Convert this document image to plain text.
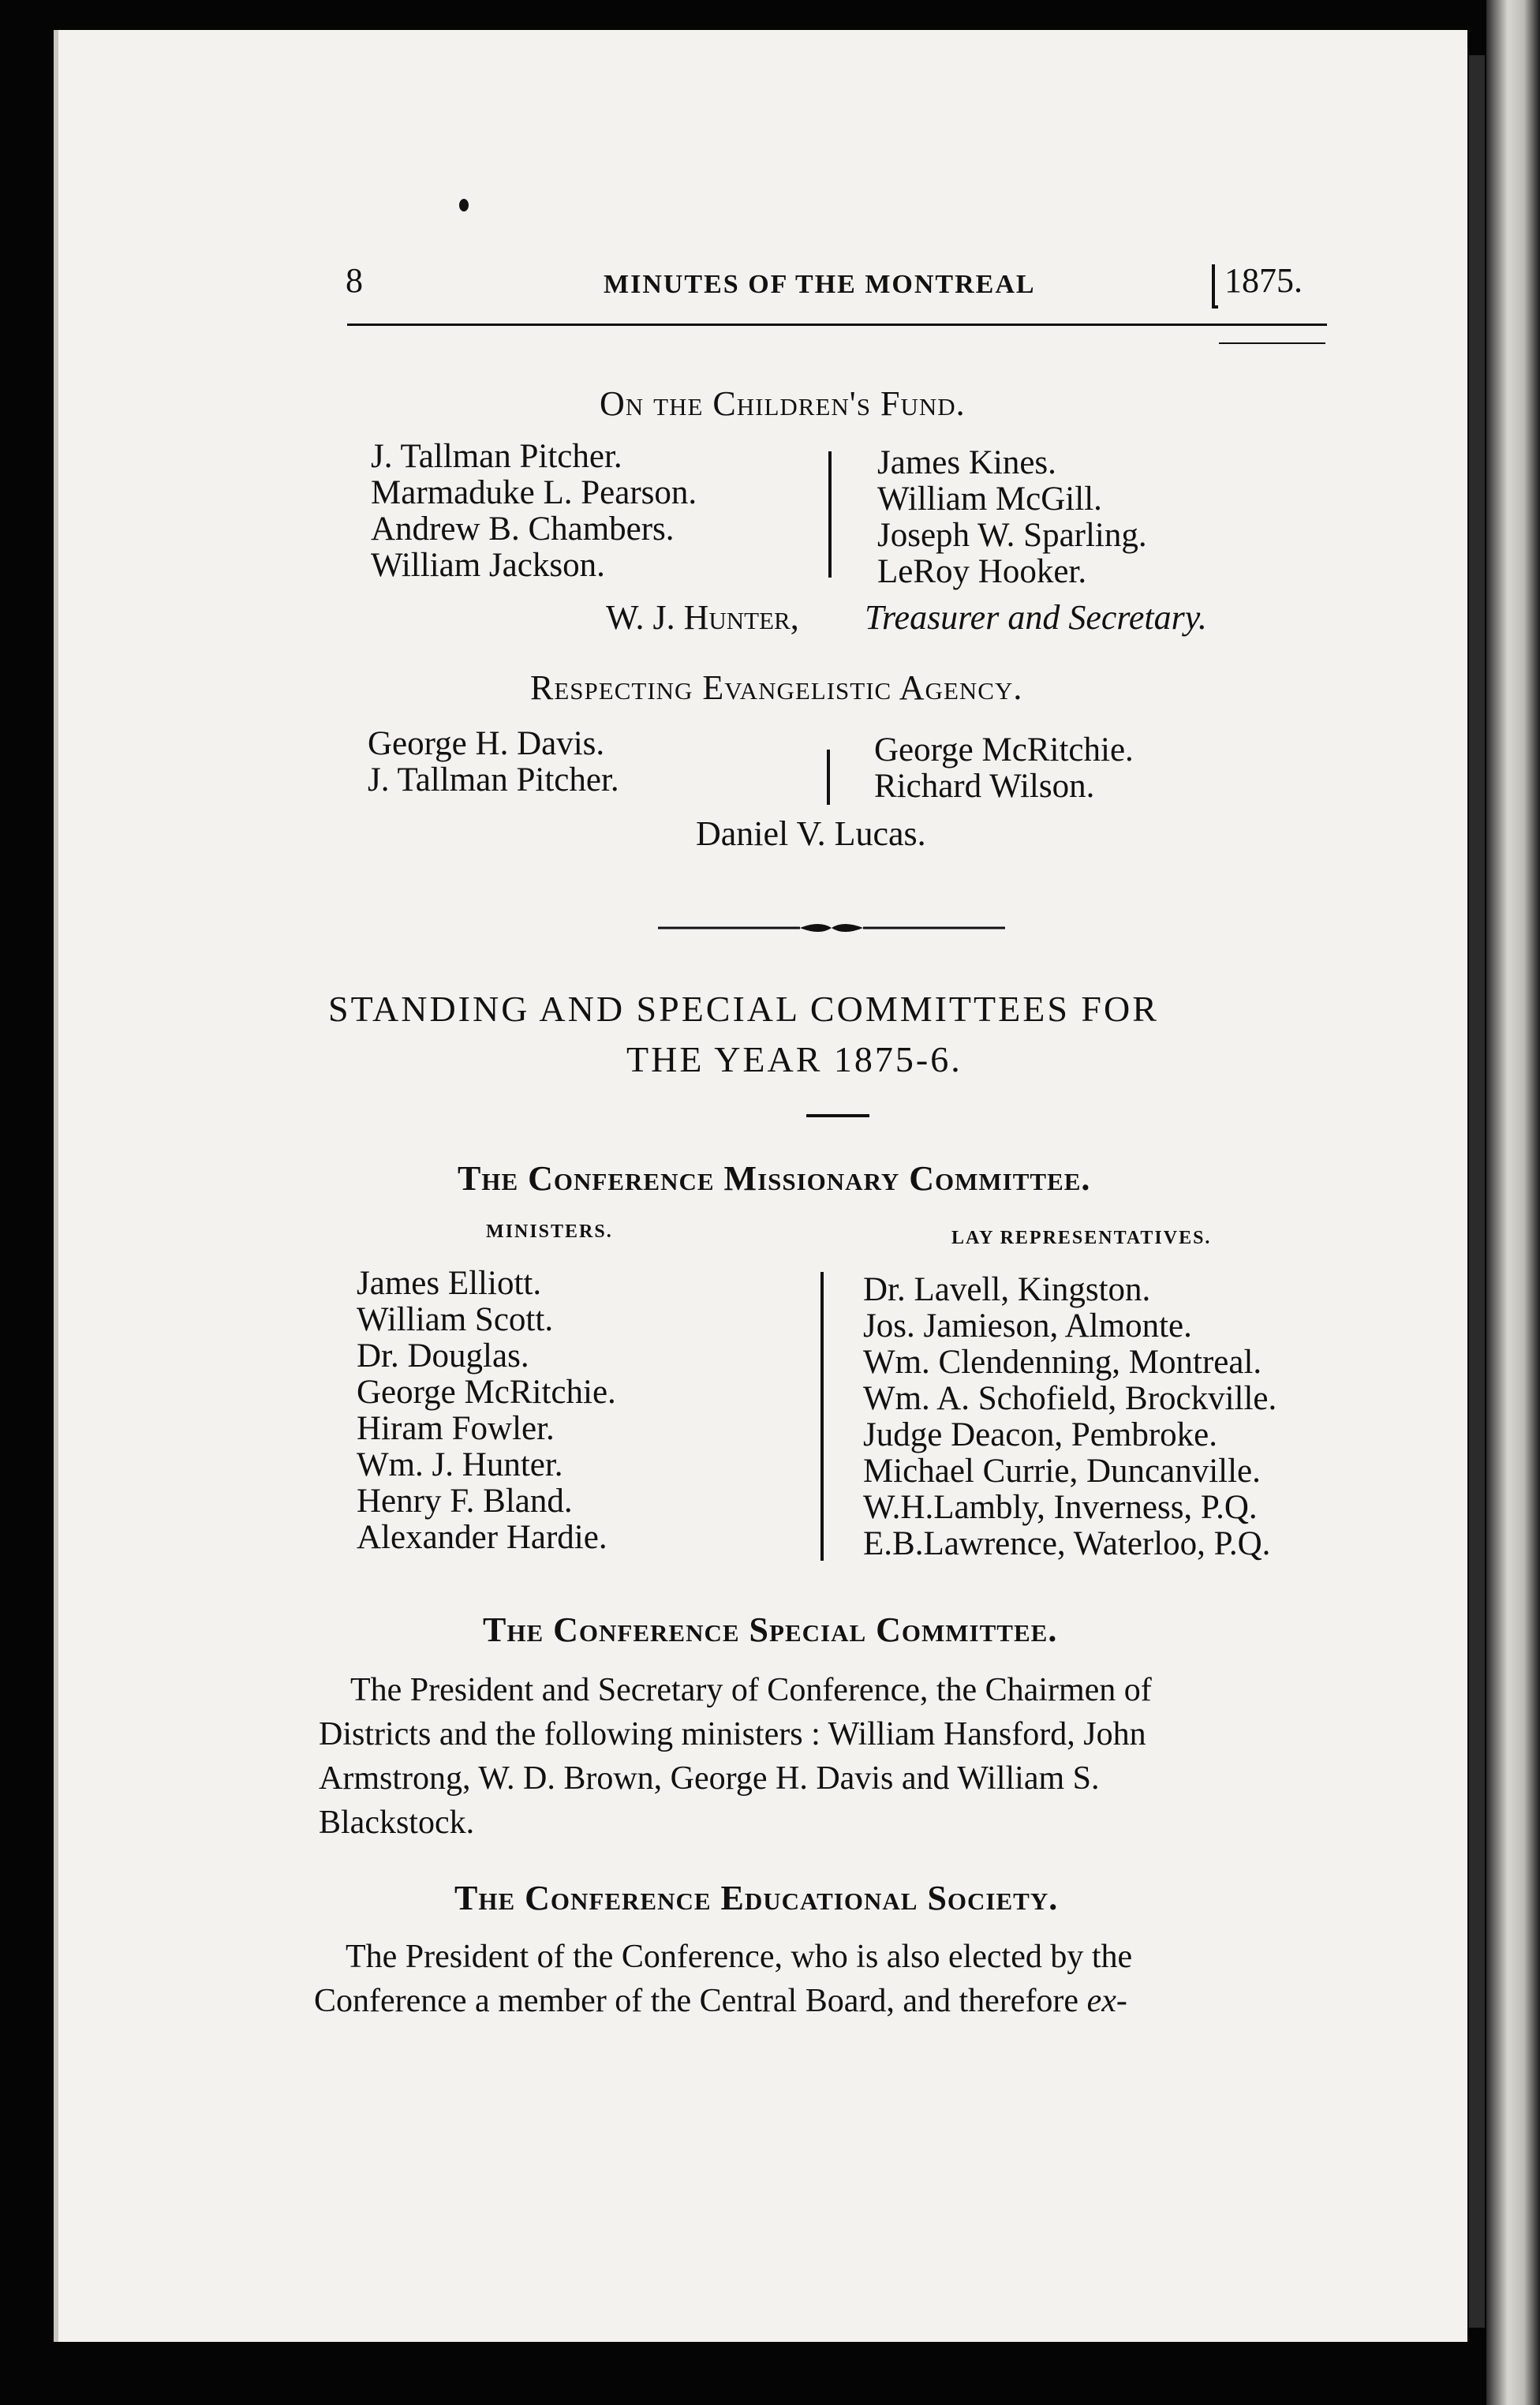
8	MINUTES OF THE MONTREAL	1875.
On the Children's Fund.
J. Tallman Pitcher.
Marmaduke L. Pearson.
Andrew B. Chambers.
William Jackson.
James Kines.
William McGill.
Joseph W. Sparling.
LeRoy Hooker.
W. J. Hunter, Treasurer and Secretary.
Respecting Evangelistic Agency.
George H. Davis.
J. Tallman Pitcher.
George McRitchie.
Richard Wilson.
Daniel V. Lucas.
STANDING AND SPECIAL COMMITTEES FOR
THE YEAR 1875-6.
The Conference Missionary Committee.
MINISTERS.	LAY REPRESENTATIVES.
James Elliott.
William Scott.
Dr. Douglas.
George McRitchie.
Hiram Fowler.
Wm. J. Hunter.
Henry F. Bland.
Alexander Hardie.
Dr. Lavell, Kingston.
Jos. Jamieson, Almonte.
Wm. Clendenning, Montreal.
Wm. A. Schofield, Brockville.
Judge Deacon, Pembroke.
Michael Currie, Duncanville.
W.H.Lambly, Inverness, P.Q.
E.B.Lawrence, Waterloo, P.Q.
The Conference Special Committee.
The President and Secretary of Conference, the Chairmen of
Districts and the following ministers : William Hansford, John
Armstrong, W. D. Brown, George H. Davis and William S.
Blackstock.
The Conference Educational Society.
The President of the Conference, who is also elected by the
Conference a member of the Central Board, and therefore ex-
